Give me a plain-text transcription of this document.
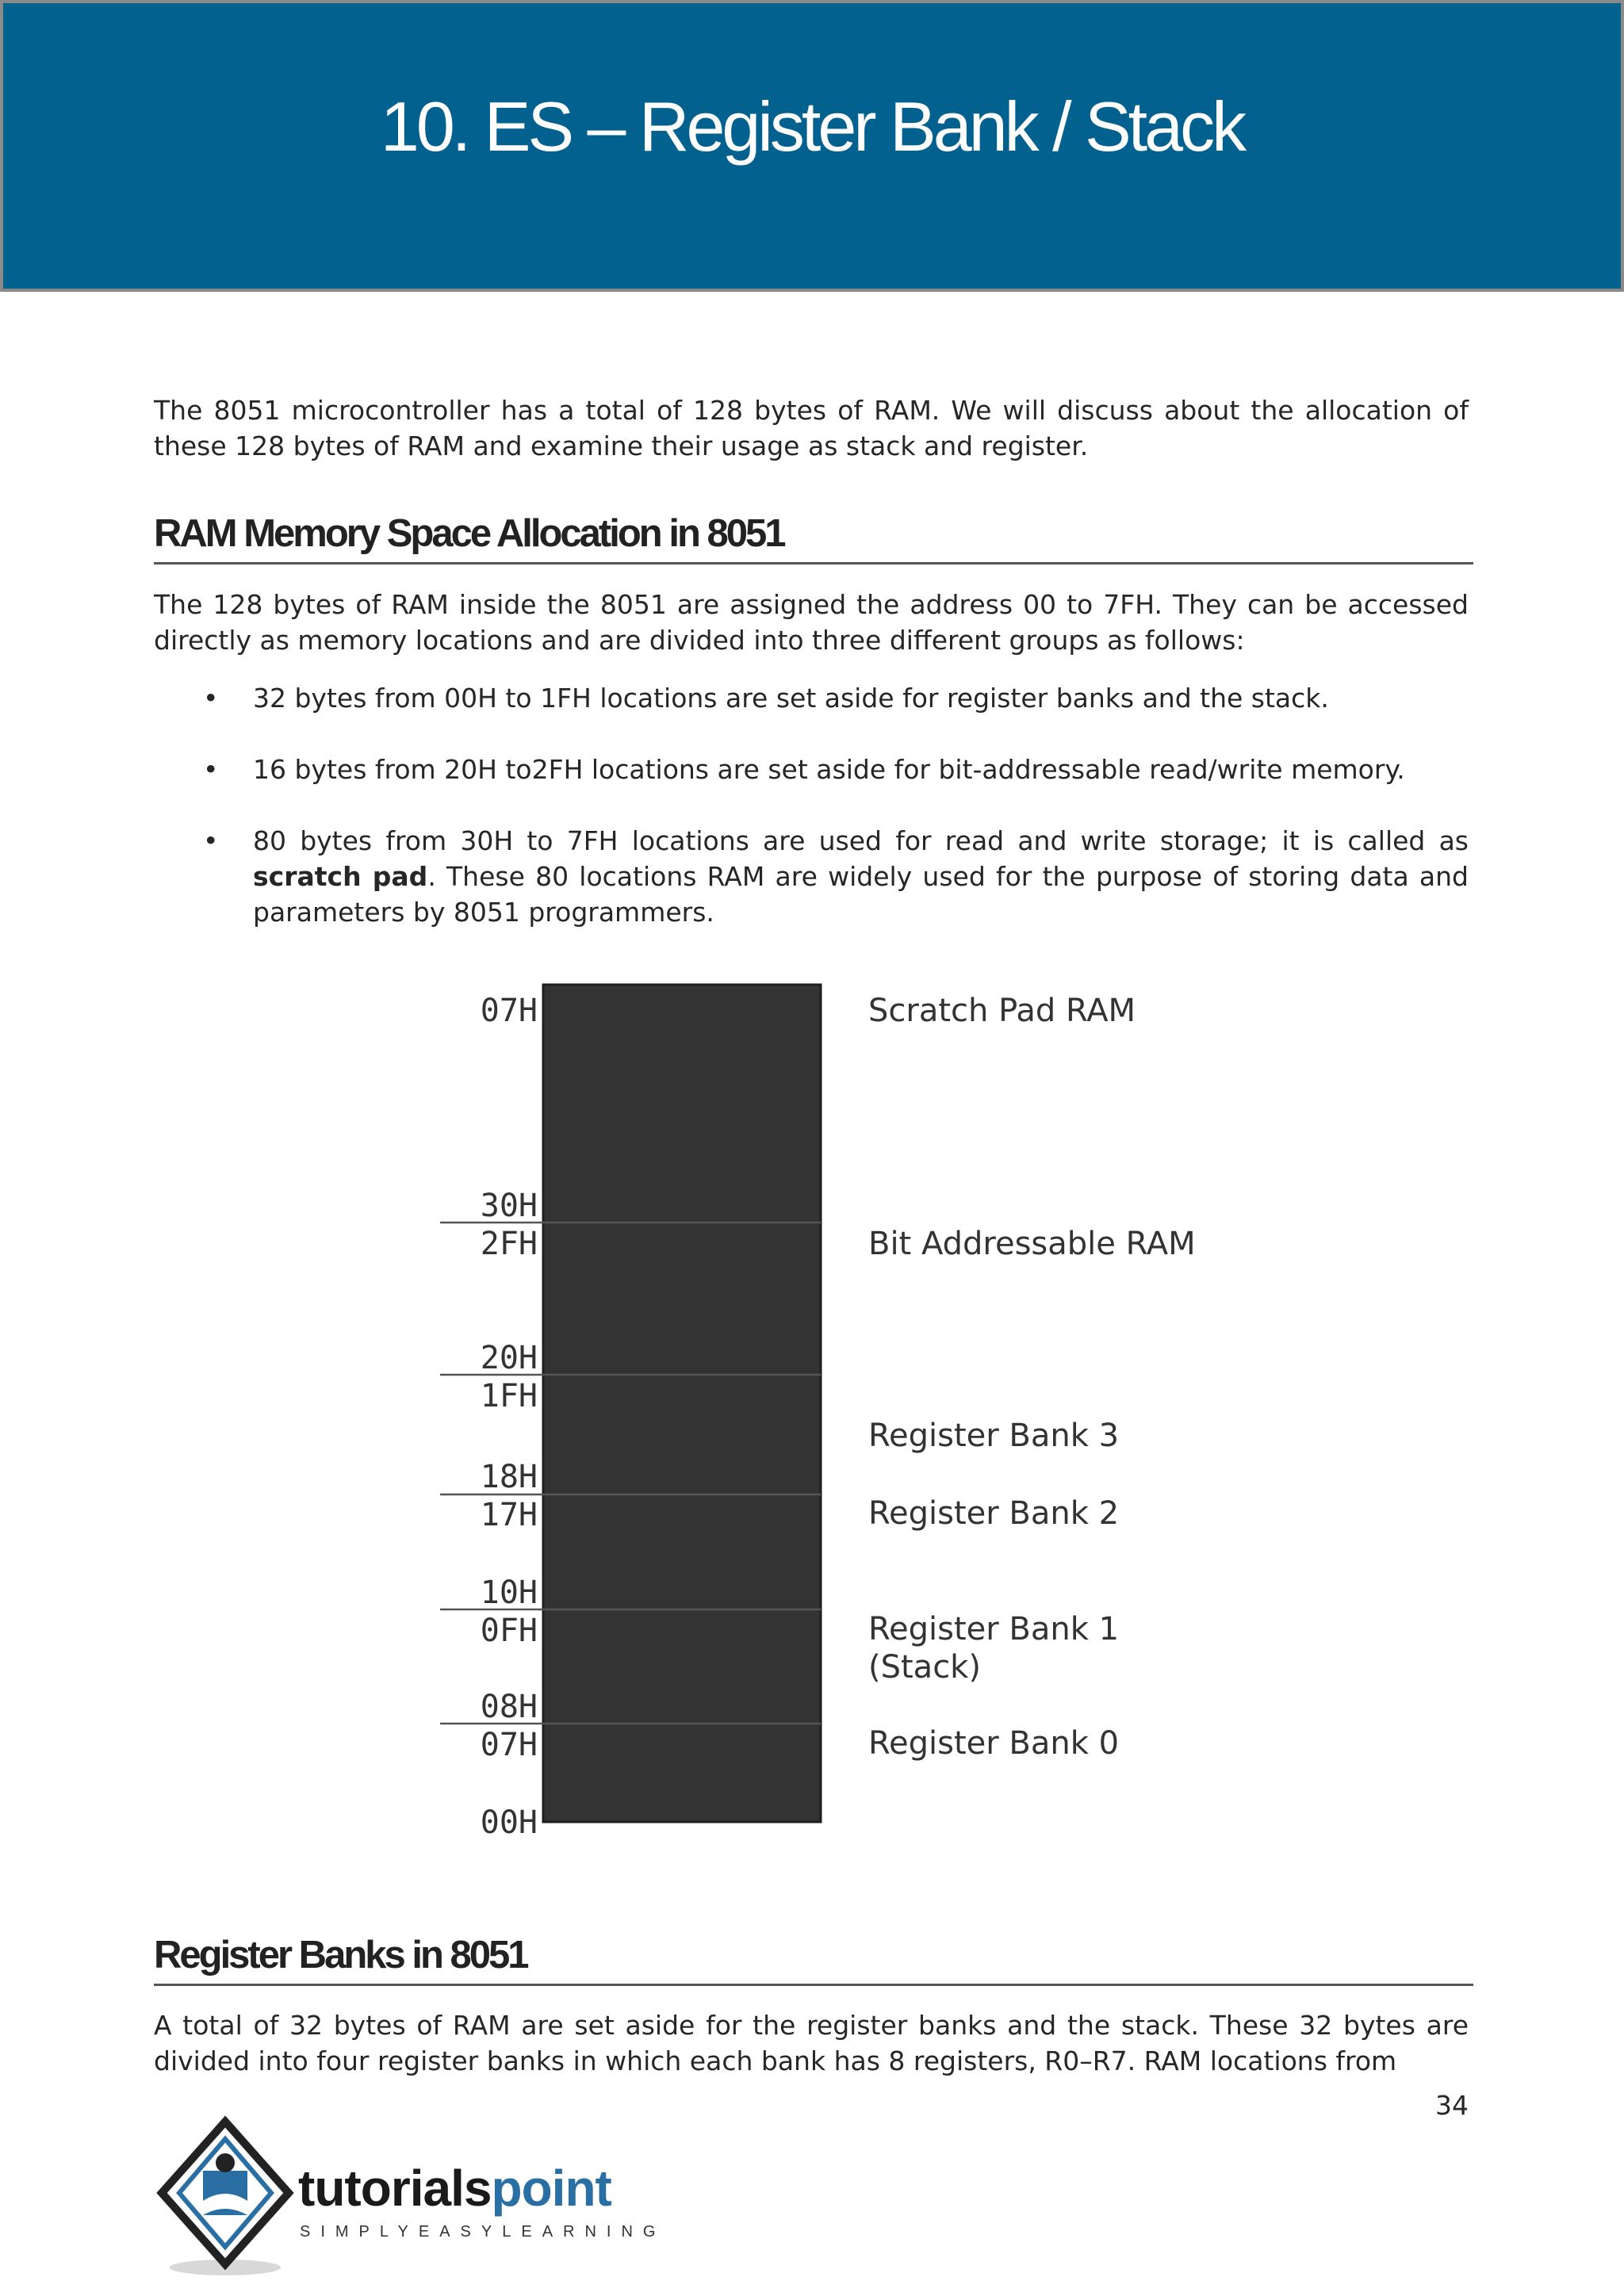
10. ES – Register Bank / Stack

The 8051 microcontroller has a total of 128 bytes of RAM. We will discuss about the allocation of these 128 bytes of RAM and examine their usage as stack and register.

RAM Memory Space Allocation in 8051

The 128 bytes of RAM inside the 8051 are assigned the address 00 to 7FH. They can be accessed directly as memory locations and are divided into three different groups as follows:

• 32 bytes from 00H to 1FH locations are set aside for register banks and the stack.
• 16 bytes from 20H to2FH locations are set aside for bit-addressable read/write memory.
• 80 bytes from 30H to 7FH locations are used for read and write storage; it is called as scratch pad. These 80 locations RAM are widely used for the purpose of storing data and parameters by 8051 programmers.
07H
30H
2FH
20H
1FH
18H
17H
10H
0FH
08H
07H
00H
Scratch Pad RAM
Bit Addressable RAM
Register Bank 3
Register Bank 2
Register Bank 1
(Stack)
Register Bank 0
Register Banks in 8051

A total of 32 bytes of RAM are set aside for the register banks and the stack. These 32 bytes are divided into four register banks in which each bank has 8 registers, R0–R7. RAM locations from

34
tutorialspoint
SIMPLYEASYLEARNING
